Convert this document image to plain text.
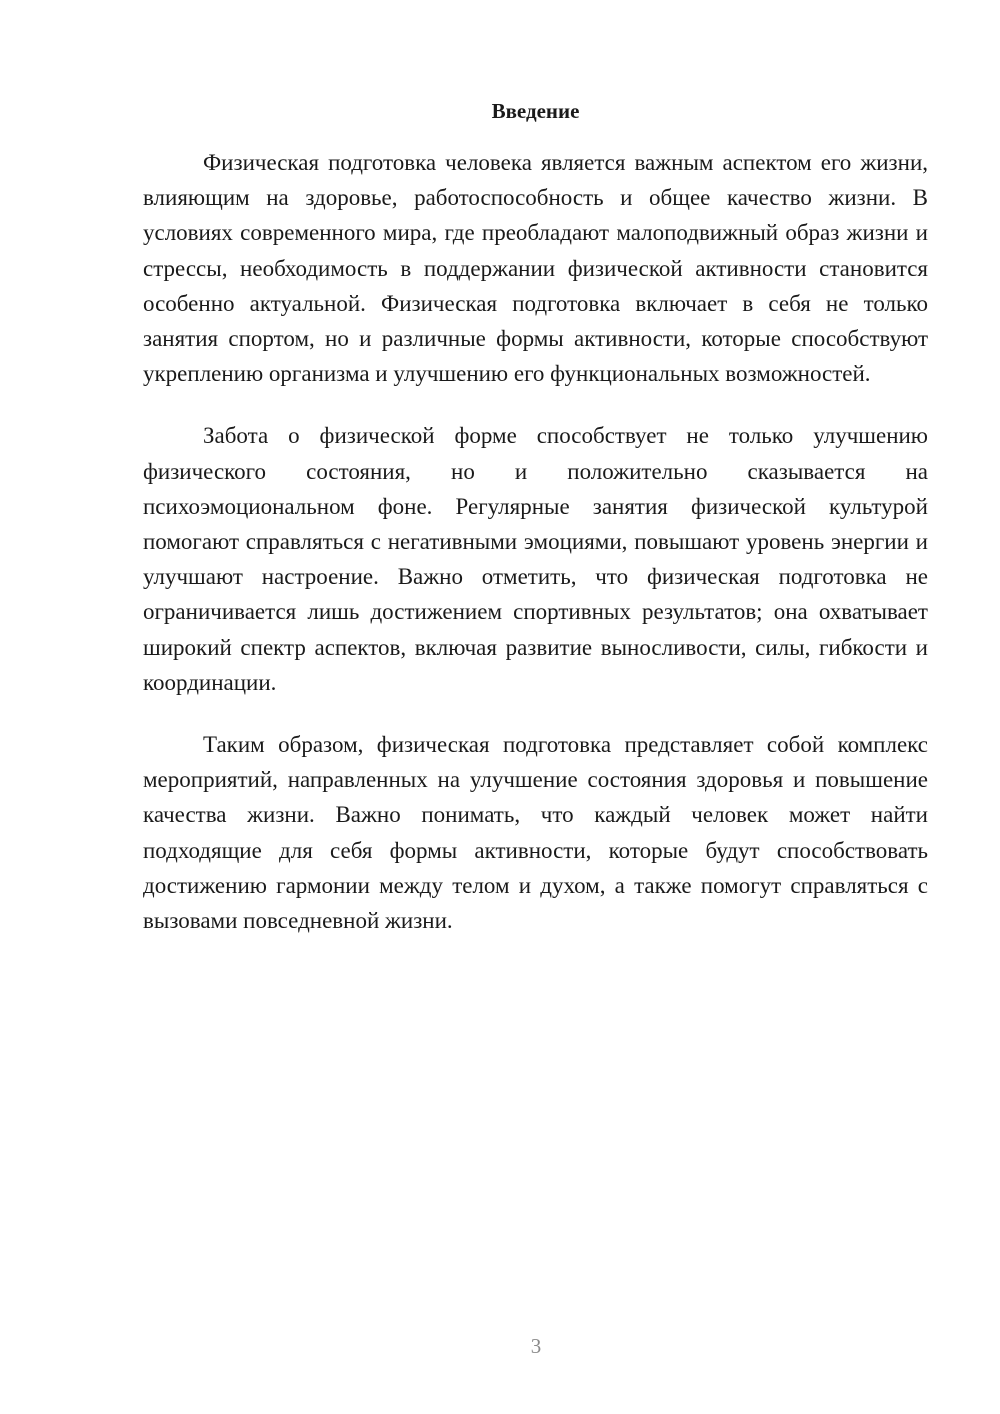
Введение

Физическая подготовка человека является важным аспектом его жизни, влияющим на здоровье, работоспособность и общее качество жизни. В условиях современного мира, где преобладают малоподвижный образ жизни и стрессы, необходимость в поддержании физической активности становится особенно актуальной. Физическая подготовка включает в себя не только занятия спортом, но и различные формы активности, которые способствуют укреплению организма и улучшению его функциональных возможностей.

Забота о физической форме способствует не только улучшению физического состояния, но и положительно сказывается на психоэмоциональном фоне. Регулярные занятия физической культурой помогают справляться с негативными эмоциями, повышают уровень энергии и улучшают настроение. Важно отметить, что физическая подготовка не ограничивается лишь достижением спортивных результатов; она охватывает широкий спектр аспектов, включая развитие выносливости, силы, гибкости и координации.

Таким образом, физическая подготовка представляет собой комплекс мероприятий, направленных на улучшение состояния здоровья и повышение качества жизни. Важно понимать, что каждый человек может найти подходящие для себя формы активности, которые будут способствовать достижению гармонии между телом и духом, а также помогут справляться с вызовами повседневной жизни.

3
